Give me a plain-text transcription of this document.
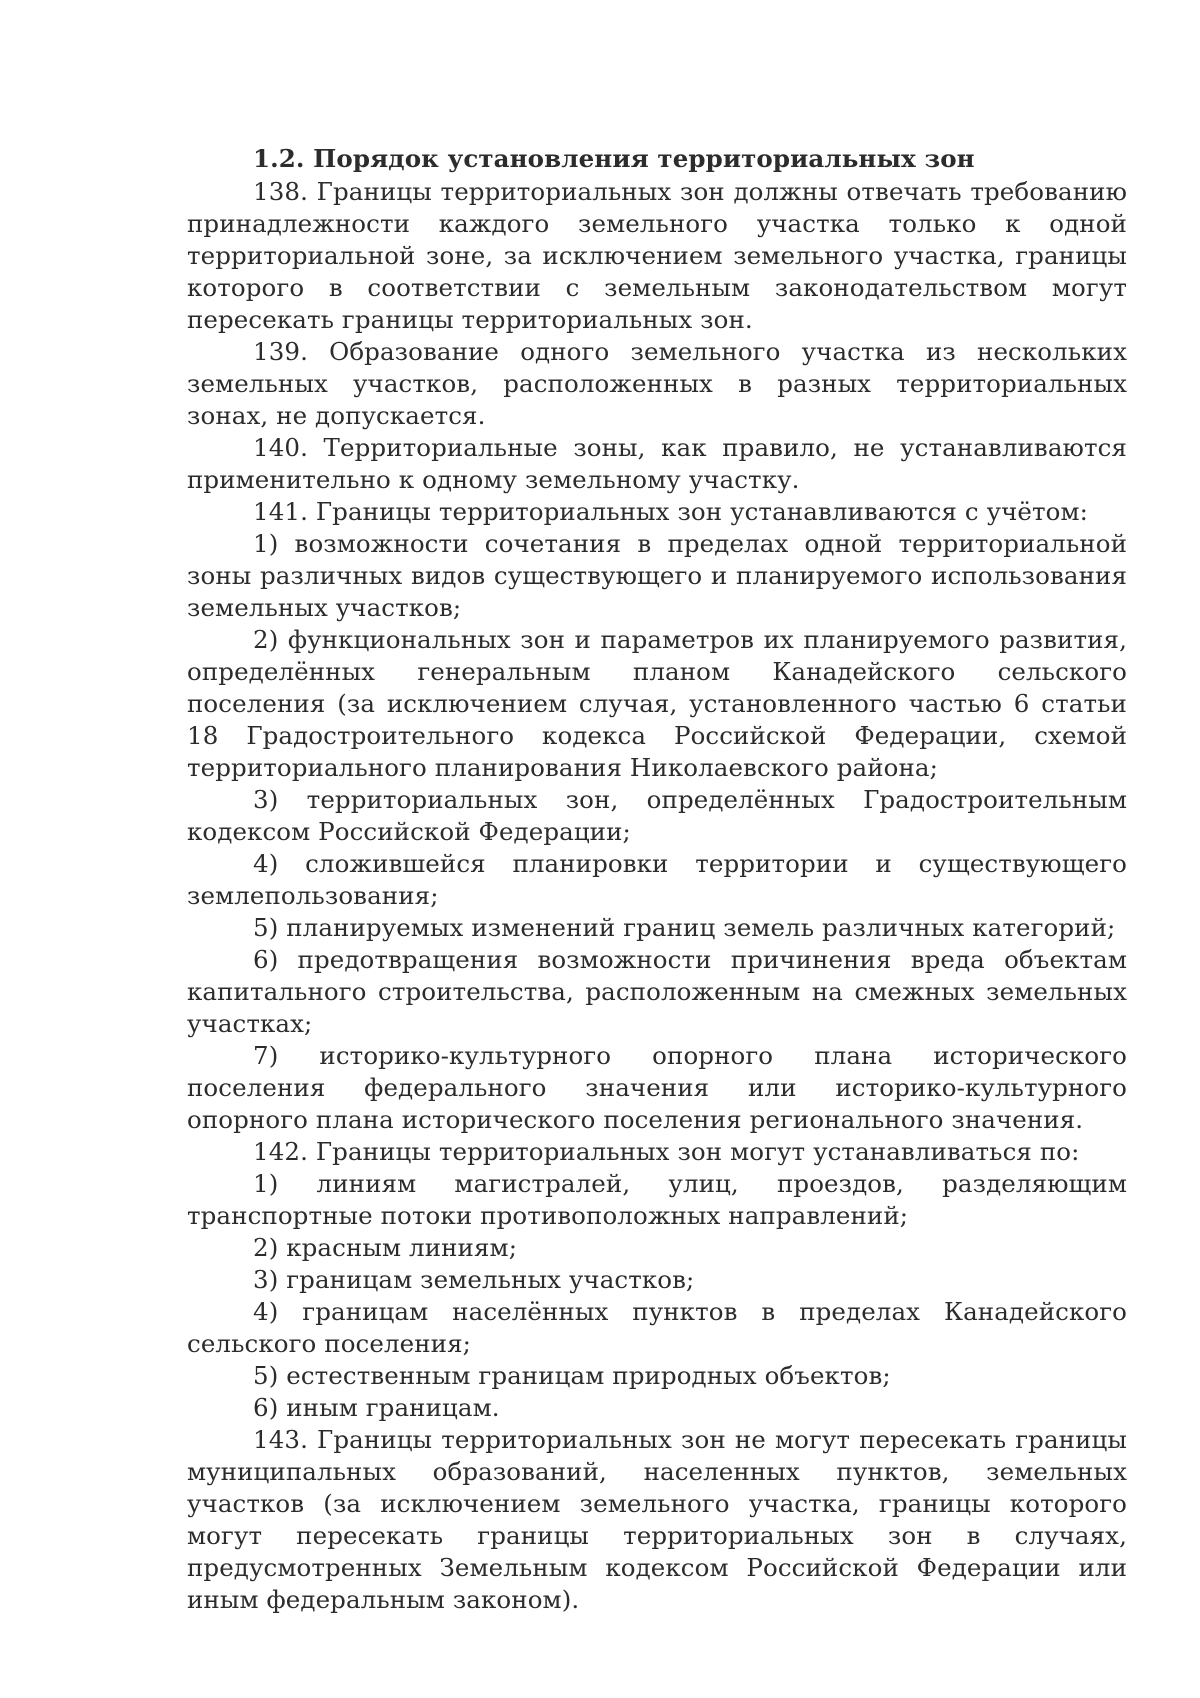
1.2. Порядок установления территориальных зон

138. Границы территориальных зон должны отвечать требованию принадлежности каждого земельного участка только к одной территориальной зоне, за исключением земельного участка, границы которого в соответствии с земельным законодательством могут пересекать границы территориальных зон.

139. Образование одного земельного участка из нескольких земельных участков, расположенных в разных территориальных зонах, не допускается.

140. Территориальные зоны, как правило, не устанавливаются применительно к одному земельному участку.

141. Границы территориальных зон устанавливаются с учётом:

1) возможности сочетания в пределах одной территориальной зоны различных видов существующего и планируемого использования земельных участков;

2) функциональных зон и параметров их планируемого развития, определённых генеральным планом Канадейского сельского поселения (за исключением случая, установленного частью 6 статьи 18 Градостроительного кодекса Российской Федерации, схемой территориального планирования Николаевского района;

3) территориальных зон, определённых Градостроительным кодексом Российской Федерации;

4) сложившейся планировки территории и существующего землепользования;

5) планируемых изменений границ земель различных категорий;

6) предотвращения возможности причинения вреда объектам капитального строительства, расположенным на смежных земельных участках;

7) историко-культурного опорного плана исторического поселения федерального значения или историко-культурного опорного плана исторического поселения регионального значения.

142. Границы территориальных зон могут устанавливаться по:

1) линиям магистралей, улиц, проездов, разделяющим транспортные потоки противоположных направлений;

2) красным линиям;

3) границам земельных участков;

4) границам населённых пунктов в пределах Канадейского сельского поселения;

5) естественным границам природных объектов;

6) иным границам.

143. Границы территориальных зон не могут пересекать границы муниципальных образований, населенных пунктов, земельных участков (за исключением земельного участка, границы которого могут пересекать границы территориальных зон в случаях, предусмотренных Земельным кодексом Российской Федерации или иным федеральным законом).
